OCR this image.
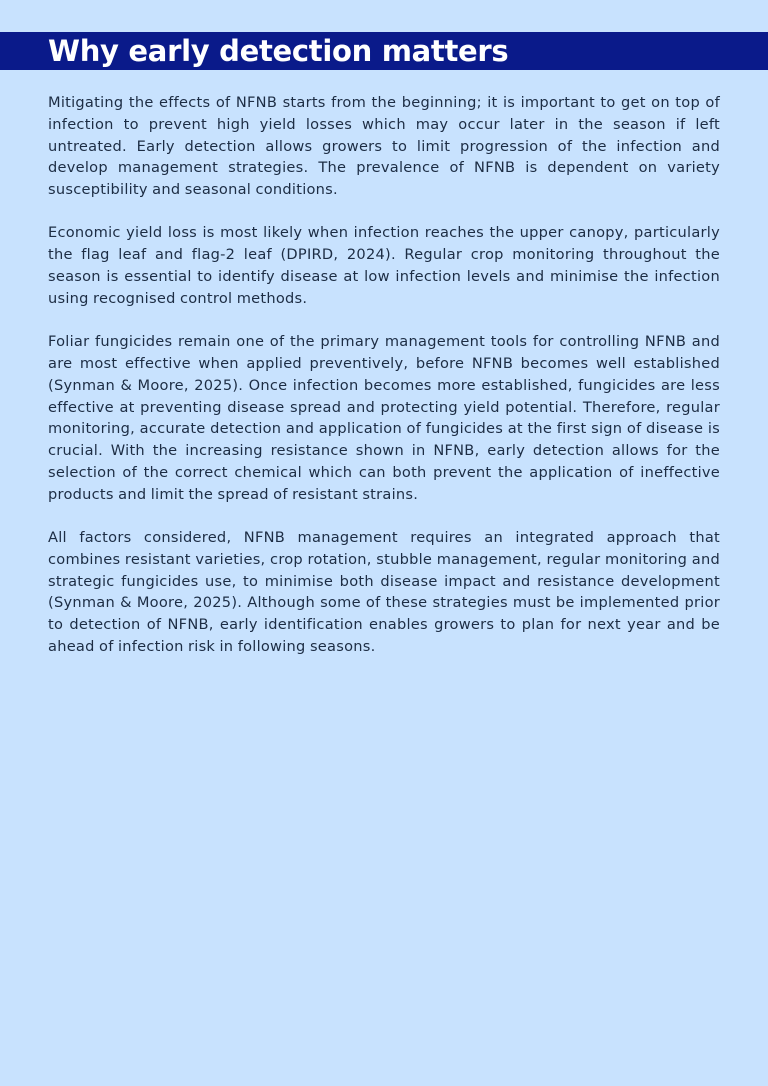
Why early detection matters

Mitigating the effects of NFNB starts from the beginning; it is important to get on top of infection to prevent high yield losses which may occur later in the season if left untreated. Early detection allows growers to limit progression of the infection and develop management strategies. The prevalence of NFNB is dependent on variety susceptibility and seasonal conditions.

Economic yield loss is most likely when infection reaches the upper canopy, particularly the flag leaf and flag-2 leaf (DPIRD, 2024). Regular crop monitoring throughout the season is essential to identify disease at low infection levels and minimise the infection using recognised control methods.

Foliar fungicides remain one of the primary management tools for controlling NFNB and are most effective when applied preventively, before NFNB becomes well established (Synman & Moore, 2025). Once infection becomes more established, fungicides are less effective at preventing disease spread and protecting yield potential. Therefore, regular monitoring, accurate detection and application of fungicides at the first sign of disease is crucial. With the increasing resistance shown in NFNB, early detection allows for the selection of the correct chemical which can both prevent the application of ineffective products and limit the spread of resistant strains.

All factors considered, NFNB management requires an integrated approach that combines resistant varieties, crop rotation, stubble management, regular monitoring and strategic fungicides use, to minimise both disease impact and resistance development (Synman & Moore, 2025). Although some of these strategies must be implemented prior to detection of NFNB, early identification enables growers to plan for next year and be ahead of infection risk in following seasons.
